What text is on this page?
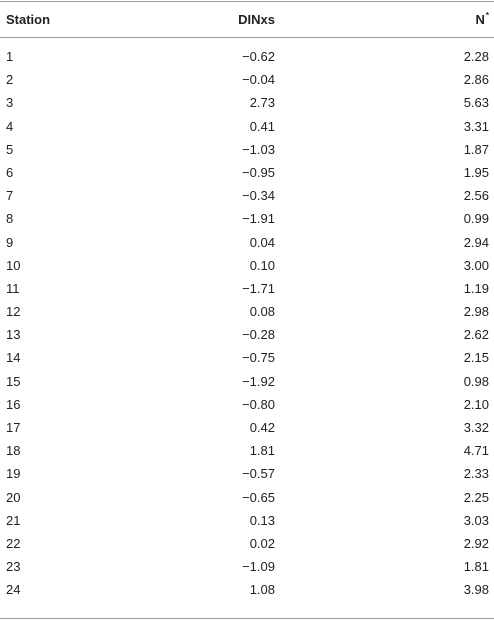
Station	DINxs	N*
1	−0.62	2.28
2	−0.04	2.86
3	2.73	5.63
4	0.41	3.31
5	−1.03	1.87
6	−0.95	1.95
7	−0.34	2.56
8	−1.91	0.99
9	0.04	2.94
10	0.10	3.00
11	−1.71	1.19
12	0.08	2.98
13	−0.28	2.62
14	−0.75	2.15
15	−1.92	0.98
16	−0.80	2.10
17	0.42	3.32
18	1.81	4.71
19	−0.57	2.33
20	−0.65	2.25
21	0.13	3.03
22	0.02	2.92
23	−1.09	1.81
24	1.08	3.98
